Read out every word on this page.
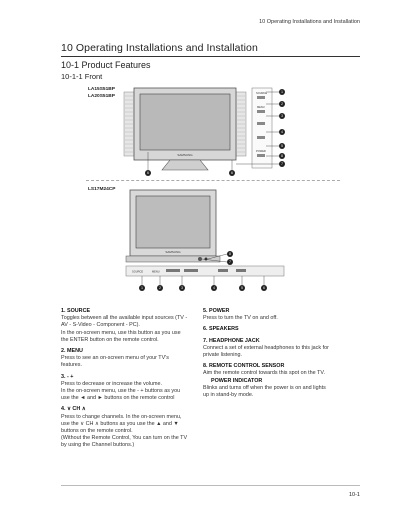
10 Operating Installations and Installation
10 Operating Installations and Installation
10-1 Product Features
10-1-1 Front
LA15S51BP
LA20S51BP
LS17M24CP
SAMSUNG
SOURCE
MENU
POWER
1
2
3
4
5
8
7
6	6
SAMSUNG
SOURCE	MENU
8
7
1	2	3	4	5	6
1. SOURCE

Toggles between all the available input sources (TV - AV - S-Video - Component - PC).

In the on-screen menu, use this button as you use the ENTER button on the remote control.

2. MENU

Press to see an on-screen menu of your TV's features.

3. - +

Press to decrease or increase the volume.

In the on-screen menu, use the - + buttons as you use the ◄ and ► buttons on the remote control

4. ∨ CH ∧

Press to change channels. In the on-screen menu, use the ∨ CH ∧ buttons as you use the ▲ and ▼ buttons on the remote control.

(Without the Remote Control, You can turn on the TV by using the Channel buttons.)

5. POWER

Press to turn the TV on and off.

6. SPEAKERS
7. HEADPHONE JACK

Connect a set of external headphones to this jack for private listening.

8. REMOTE CONTROL SENSOR

Aim the remote control towards this spot on the TV.

POWER INDICATOR

Blinks and turns off when the power is on and lights up in stand-by mode.

10-1
